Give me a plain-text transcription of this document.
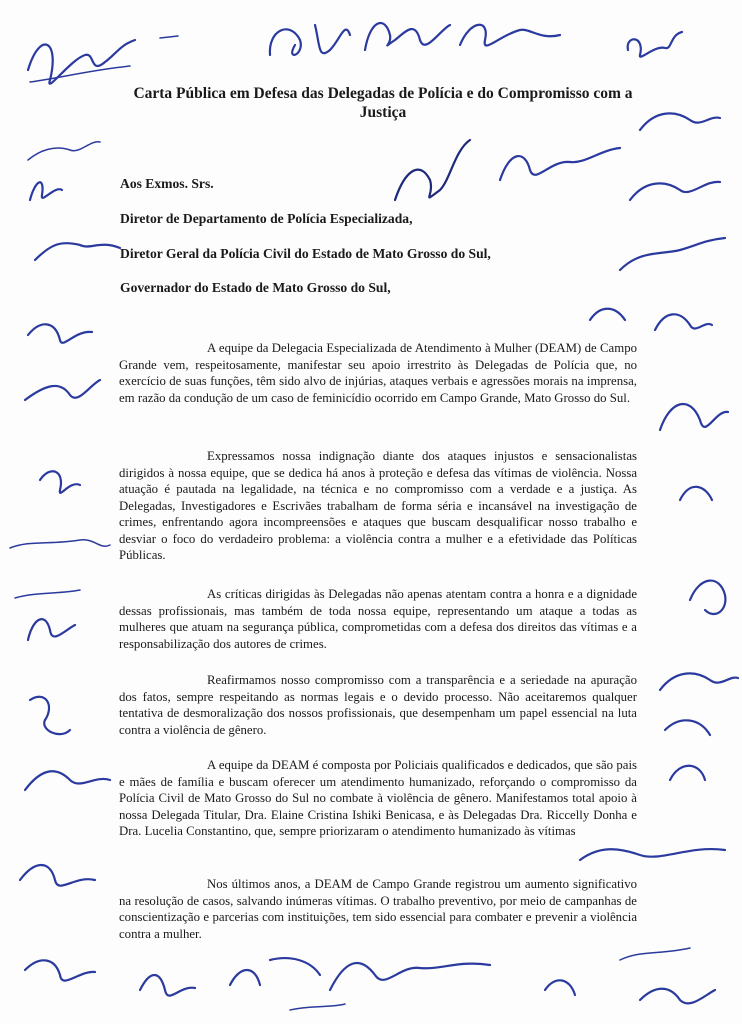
Carta Pública em Defesa das Delegadas de Polícia e do Compromisso com a Justiça
Aos Exmos. Srs.
Diretor de Departamento de Polícia Especializada,
Diretor Geral da Polícia Civil do Estado de Mato Grosso do Sul,
Governador do Estado de Mato Grosso do Sul,

A equipe da Delegacia Especializada de Atendimento à Mulher (DEAM) de Campo Grande vem, respeitosamente, manifestar seu apoio irrestrito às Delegadas de Polícia que, no exercício de suas funções, têm sido alvo de injúrias, ataques verbais e agressões morais na imprensa, em razão da condução de um caso de feminicídio ocorrido em Campo Grande, Mato Grosso do Sul.

Expressamos nossa indignação diante dos ataques injustos e sensacionalistas dirigidos à nossa equipe, que se dedica há anos à proteção e defesa das vítimas de violência. Nossa atuação é pautada na legalidade, na técnica e no compromisso com a verdade e a justiça. As Delegadas, Investigadores e Escrivães trabalham de forma séria e incansável na investigação de crimes, enfrentando agora incompreensões e ataques que buscam desqualificar nosso trabalho e desviar o foco do verdadeiro problema: a violência contra a mulher e a efetividade das Políticas Públicas.

As críticas dirigidas às Delegadas não apenas atentam contra a honra e a dignidade dessas profissionais, mas também de toda nossa equipe, representando um ataque a todas as mulheres que atuam na segurança pública, comprometidas com a defesa dos direitos das vítimas e a responsabilização dos autores de crimes.

Reafirmamos nosso compromisso com a transparência e a seriedade na apuração dos fatos, sempre respeitando as normas legais e o devido processo. Não aceitaremos qualquer tentativa de desmoralização dos nossos profissionais, que desempenham um papel essencial na luta contra a violência de gênero.

A equipe da DEAM é composta por Policiais qualificados e dedicados, que são pais e mães de família e buscam oferecer um atendimento humanizado, reforçando o compromisso da Polícia Civil de Mato Grosso do Sul no combate à violência de gênero. Manifestamos total apoio à nossa Delegada Titular, Dra. Elaine Cristina Ishiki Benicasa, e às Delegadas Dra. Riccelly Donha e Dra. Lucelia Constantino, que, sempre priorizaram o atendimento humanizado às vítimas

Nos últimos anos, a DEAM de Campo Grande registrou um aumento significativo na resolução de casos, salvando inúmeras vítimas. O trabalho preventivo, por meio de campanhas de conscientização e parcerias com instituições, tem sido essencial para combater e prevenir a violência contra a mulher.
